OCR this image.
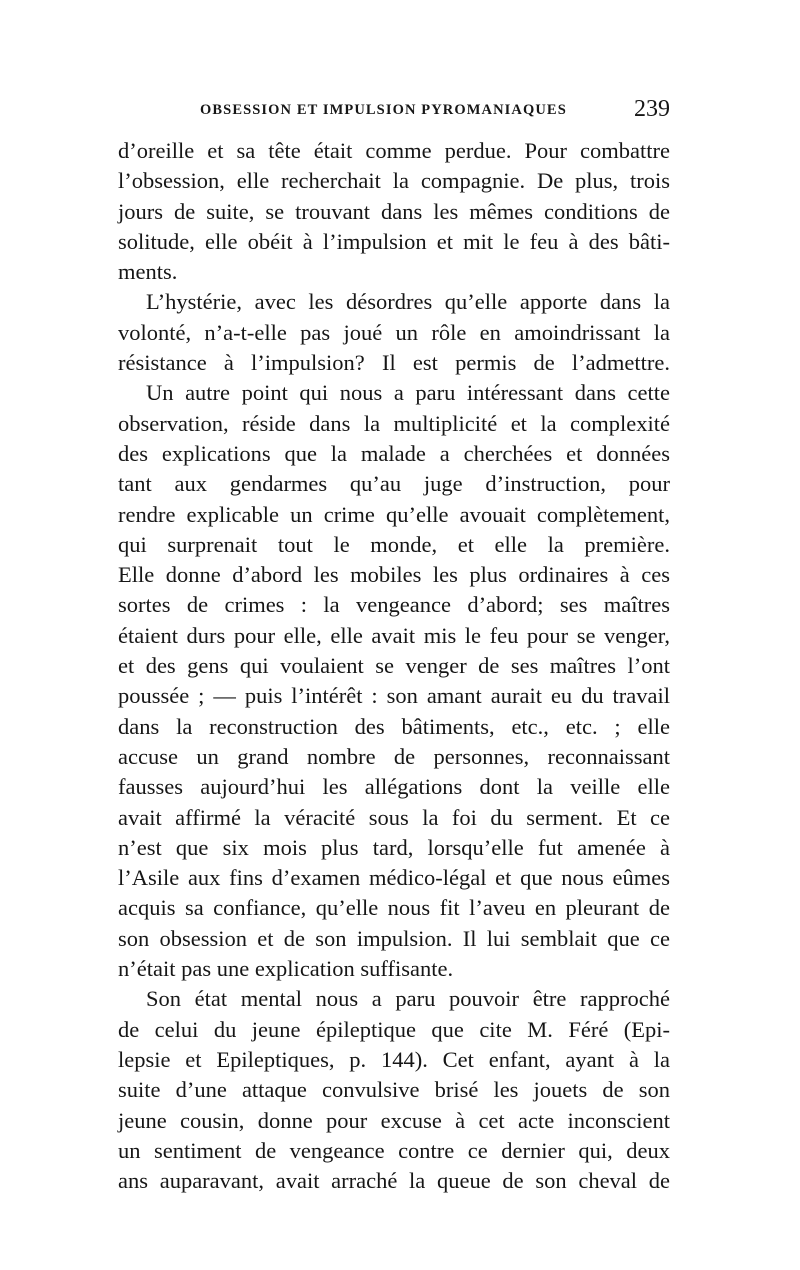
OBSESSION ET IMPULSION PYROMANIAQUES	239
d’oreille et sa tête était comme perdue. Pour combattre
l’obsession, elle recherchait la compagnie. De plus, trois
jours de suite, se trouvant dans les mêmes conditions de
solitude, elle obéit à l’impulsion et mit le feu à des bâti-
ments.
L’hystérie, avec les désordres qu’elle apporte dans la
volonté, n’a-t-elle pas joué un rôle en amoindrissant la
résistance à l’impulsion? Il est permis de l’admettre.
Un autre point qui nous a paru intéressant dans cette
observation, réside dans la multiplicité et la complexité
des explications que la malade a cherchées et données
tant aux gendarmes qu’au juge d’instruction, pour
rendre explicable un crime qu’elle avouait complètement,
qui surprenait tout le monde, et elle la première.
Elle donne d’abord les mobiles les plus ordinaires à ces
sortes de crimes : la vengeance d’abord; ses maîtres
étaient durs pour elle, elle avait mis le feu pour se venger,
et des gens qui voulaient se venger de ses maîtres l’ont
poussée ; — puis l’intérêt : son amant aurait eu du travail
dans la reconstruction des bâtiments, etc., etc. ; elle
accuse un grand nombre de personnes, reconnaissant
fausses aujourd’hui les allégations dont la veille elle
avait affirmé la véracité sous la foi du serment. Et ce
n’est que six mois plus tard, lorsqu’elle fut amenée à
l’Asile aux fins d’examen médico-légal et que nous eûmes
acquis sa confiance, qu’elle nous fit l’aveu en pleurant de
son obsession et de son impulsion. Il lui semblait que ce
n’était pas une explication suffisante.
Son état mental nous a paru pouvoir être rapproché
de celui du jeune épileptique que cite M. Féré (Epi-
lepsie et Epileptiques, p. 144). Cet enfant, ayant à la
suite d’une attaque convulsive brisé les jouets de son
jeune cousin, donne pour excuse à cet acte inconscient
un sentiment de vengeance contre ce dernier qui, deux
ans auparavant, avait arraché la queue de son cheval de
